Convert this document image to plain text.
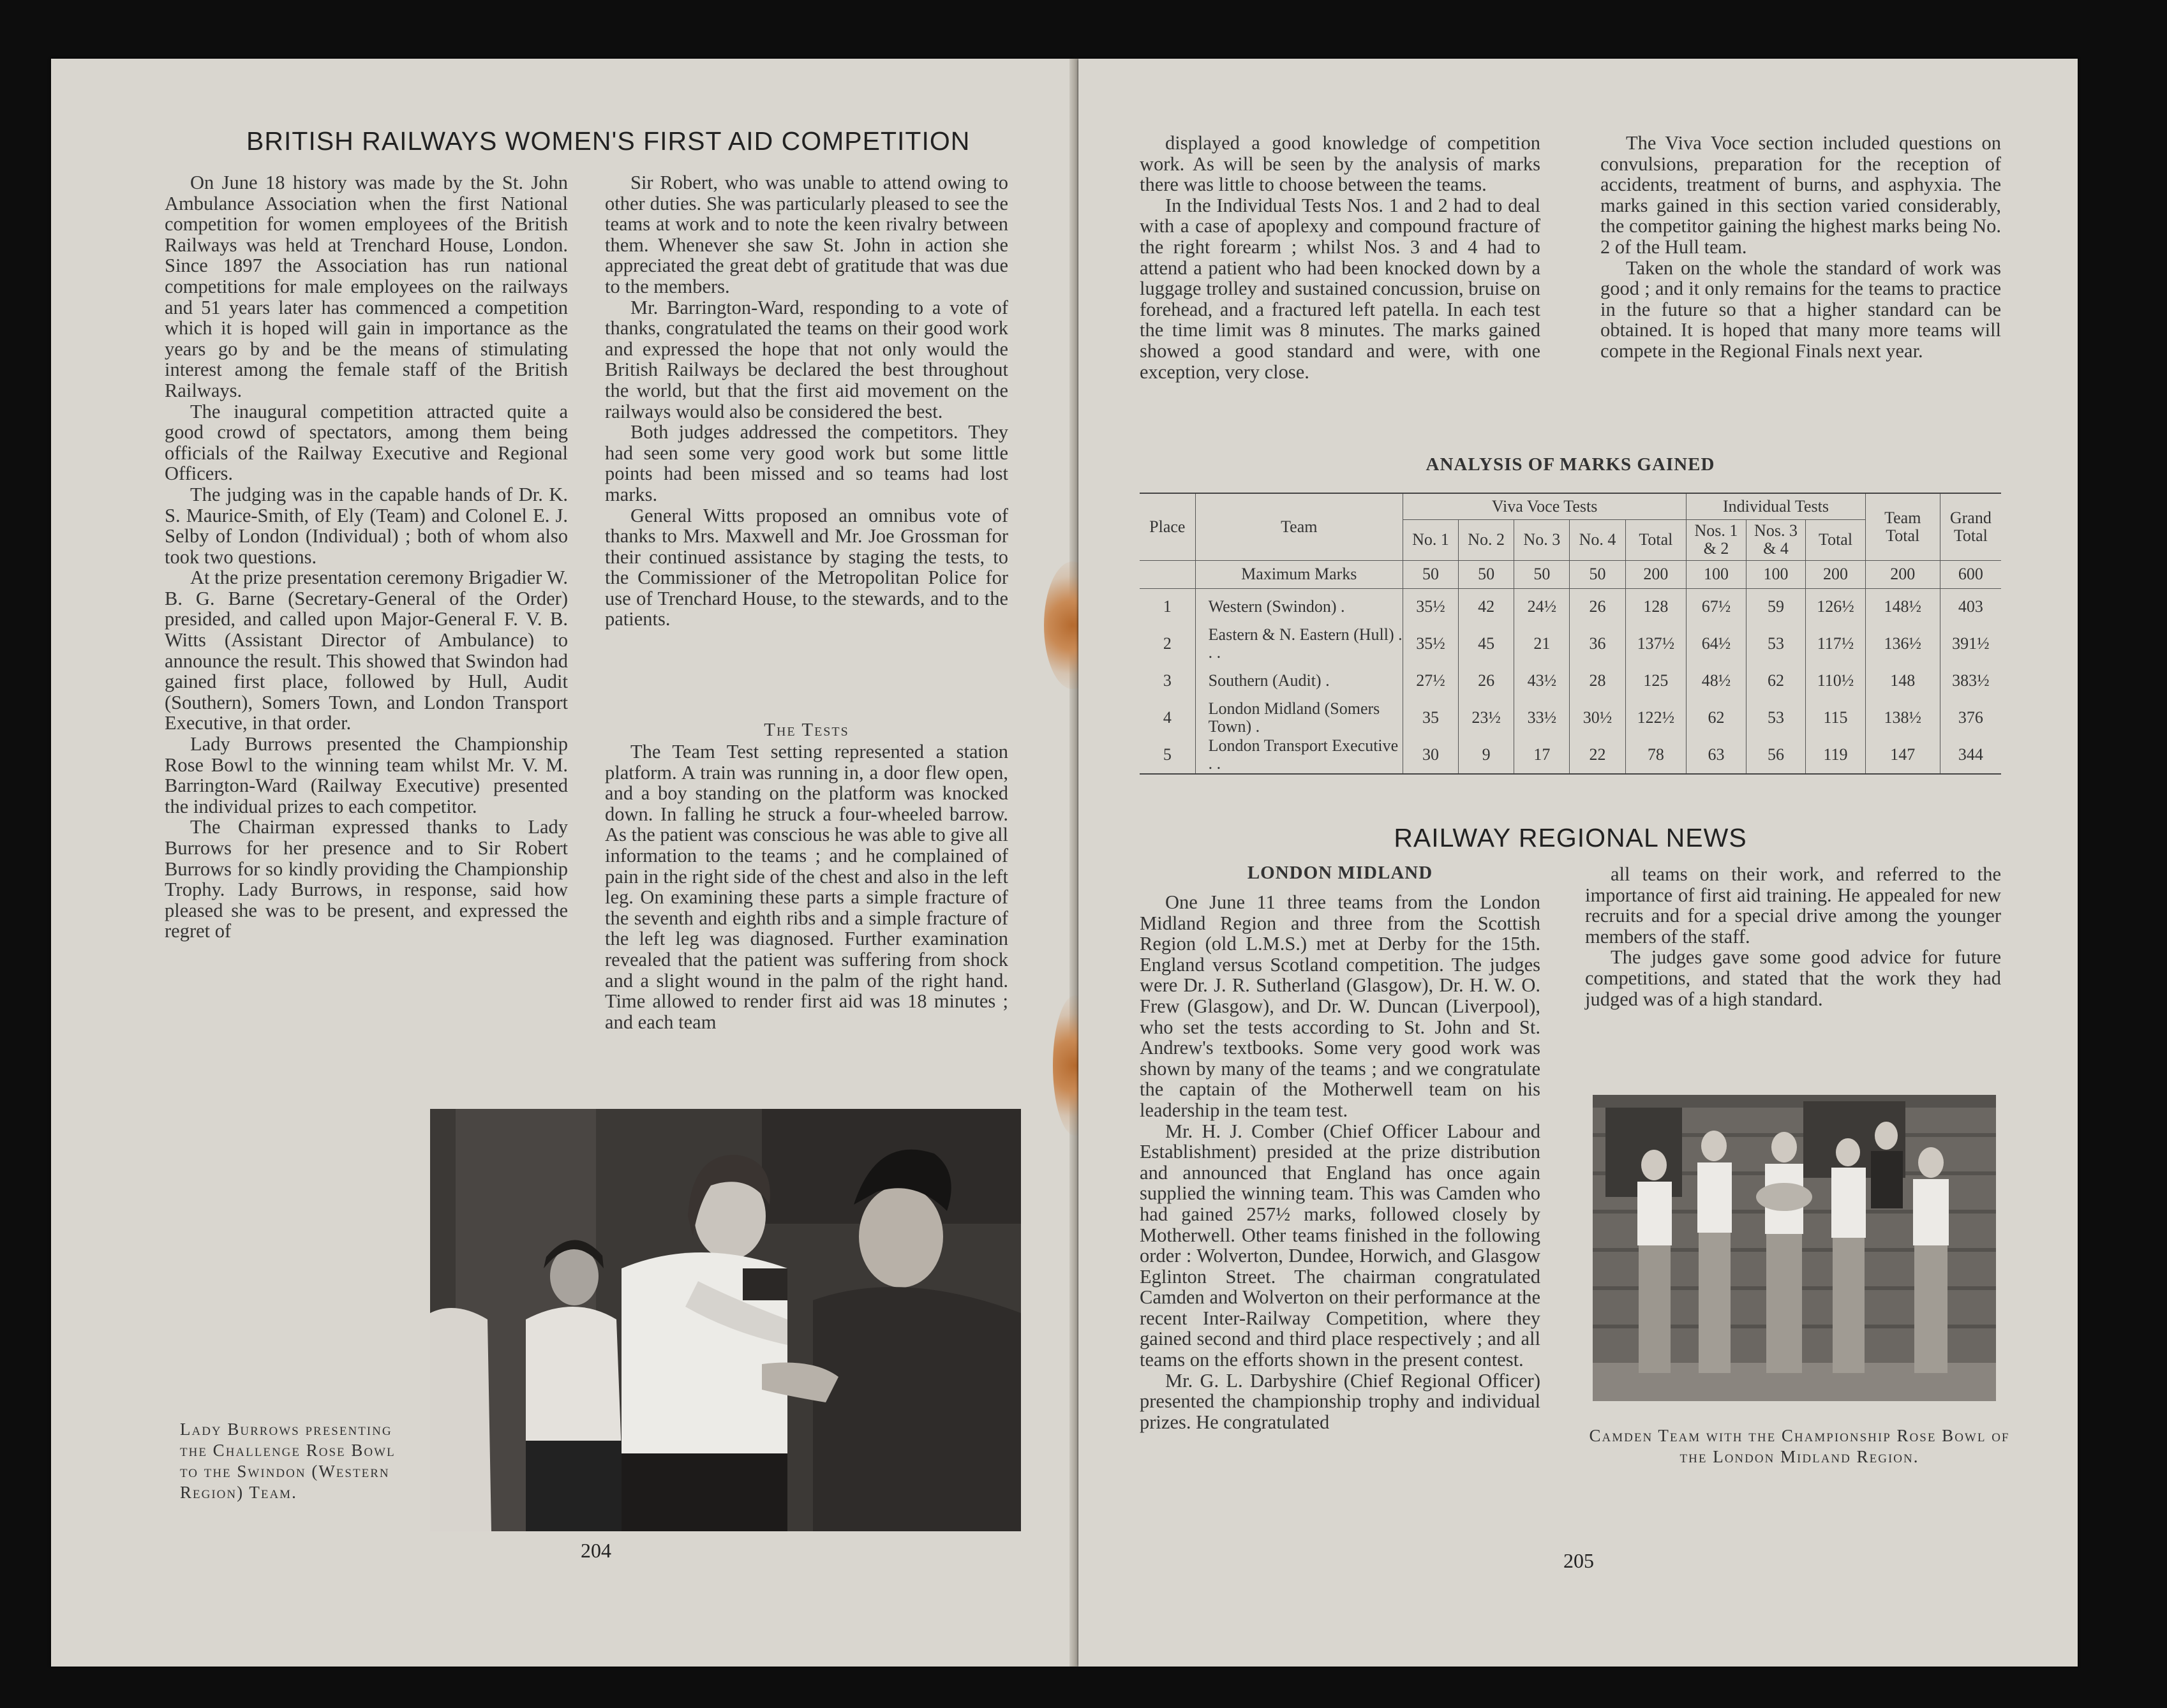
BRITISH RAILWAYS WOMEN'S FIRST AID COMPETITION

On June 18 history was made by the St. John Ambulance Association when the first National competition for women employees of the British Railways was held at Trenchard House, London. Since 1897 the Association has run national competitions for male employees on the railways and 51 years later has commenced a competition which it is hoped will gain in importance as the years go by and be the means of stimulating interest among the female staff of the British Railways.

The inaugural competition attracted quite a good crowd of spectators, among them being officials of the Railway Executive and Regional Officers.

The judging was in the capable hands of Dr. K. S. Maurice-Smith, of Ely (Team) and Colonel E. J. Selby of London (Individual) ; both of whom also took two questions.

At the prize presentation ceremony Brigadier W. B. G. Barne (Secretary-General of the Order) presided, and called upon Major-General F. V. B. Witts (Assistant Director of Ambulance) to announce the result. This showed that Swindon had gained first place, followed by Hull, Audit (Southern), Somers Town, and London Transport Executive, in that order.

Lady Burrows presented the Championship Rose Bowl to the winning team whilst Mr. V. M. Barrington-Ward (Railway Executive) presented the individual prizes to each competitor.

The Chairman expressed thanks to Lady Burrows for her presence and to Sir Robert Burrows for so kindly providing the Championship Trophy. Lady Burrows, in response, said how pleased she was to be present, and expressed the regret of

Sir Robert, who was unable to attend owing to other duties. She was particularly pleased to see the teams at work and to note the keen rivalry between them. Whenever she saw St. John in action she appreciated the great debt of gratitude that was due to the members.

Mr. Barrington-Ward, responding to a vote of thanks, congratulated the teams on their good work and expressed the hope that not only would the British Railways be declared the best throughout the world, but that the first aid movement on the railways would also be considered the best.

Both judges addressed the competitors. They had seen some very good work but some little points had been missed and so teams had lost marks.

General Witts proposed an omnibus vote of thanks to Mrs. Maxwell and Mr. Joe Grossman for their continued assistance by staging the tests, to the Commissioner of the Metropolitan Police for use of Trenchard House, to the stewards, and to the patients.

The Tests

The Team Test setting represented a station platform. A train was running in, a door flew open, and a boy standing on the platform was knocked down. In falling he struck a four-wheeled barrow. As the patient was conscious he was able to give all information to the teams ; and he complained of pain in the right side of the chest and also in the left leg. On examining these parts a simple fracture of the seventh and eighth ribs and a simple fracture of the left leg was diagnosed. Further examination revealed that the patient was suffering from shock and a slight wound in the palm of the right hand. Time allowed to render first aid was 18 minutes ; and each team

Lady Burrows presenting the Challenge Rose Bowl to the Swindon (Western Region) Team.
204

displayed a good knowledge of competition work. As will be seen by the analysis of marks there was little to choose between the teams.

In the Individual Tests Nos. 1 and 2 had to deal with a case of apoplexy and compound fracture of the right forearm ; whilst Nos. 3 and 4 had to attend a patient who had been knocked down by a luggage trolley and sustained concussion, bruise on forehead, and a fractured left patella. In each test the time limit was 8 minutes. The marks gained showed a good standard and were, with one exception, very close.

The Viva Voce section included questions on convulsions, preparation for the reception of accidents, treatment of burns, and asphyxia. The marks gained in this section varied considerably, the competitor gaining the highest marks being No. 2 of the Hull team.

Taken on the whole the standard of work was good ; and it only remains for the teams to practice in the future so that a higher standard can be obtained. It is hoped that many more teams will compete in the Regional Finals next year.

ANALYSIS OF MARKS GAINED
Place	Team	Viva Voce Tests					Individual Tests			Team Total	Grand Total
		No. 1	No. 2	No. 3	No. 4	Total	Nos. 1 & 2	Nos. 3 & 4	Total		
	Maximum Marks	50	50	50	50	200	100	100	200	200	600
1	Western (Swindon) .	35½	42	24½	26	128	67½	59	126½	148½	403
2	Eastern & N. Eastern (Hull) . . .	35½	45	21	36	137½	64½	53	117½	136½	391½
3	Southern (Audit) .	27½	26	43½	28	125	48½	62	110½	148	383½
4	London Midland (Somers Town) .	35	23½	33½	30½	122½	62	53	115	138½	376
5	London Transport Executive . .	30	9	17	22	78	63	56	119	147	344
RAILWAY REGIONAL NEWS
LONDON MIDLAND

One June 11 three teams from the London Midland Region and three from the Scottish Region (old L.M.S.) met at Derby for the 15th. England versus Scotland competition. The judges were Dr. J. R. Sutherland (Glasgow), Dr. H. W. O. Frew (Glasgow), and Dr. W. Duncan (Liverpool), who set the tests according to St. John and St. Andrew's textbooks. Some very good work was shown by many of the teams ; and we congratulate the captain of the Motherwell team on his leadership in the team test.

Mr. H. J. Comber (Chief Officer Labour and Establishment) presided at the prize distribution and announced that England has once again supplied the winning team. This was Camden who had gained 257½ marks, followed closely by Motherwell. Other teams finished in the following order : Wolverton, Dundee, Horwich, and Glasgow Eglinton Street. The chairman congratulated Camden and Wolverton on their performance at the recent Inter-Railway Competition, where they gained second and third place respectively ; and all teams on the efforts shown in the present contest.

Mr. G. L. Darbyshire (Chief Regional Officer) presented the championship trophy and individual prizes. He congratulated

all teams on their work, and referred to the importance of first aid training. He appealed for new recruits and for a special drive among the younger members of the staff.

The judges gave some good advice for future competitions, and stated that the work they had judged was of a high standard.

Camden Team with the Championship Rose Bowl of the London Midland Region.
205
